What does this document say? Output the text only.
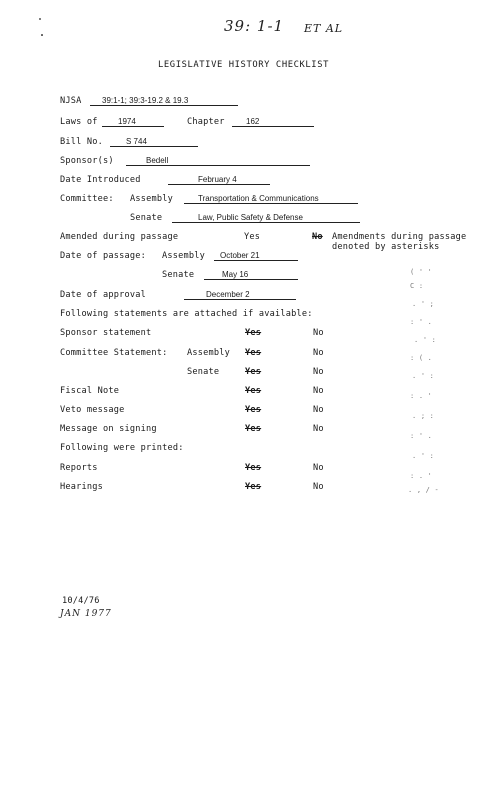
39: 1-1 ET AL
LEGISLATIVE HISTORY CHECKLIST
NJSA	39:1-1; 39:3-19.2 & 19.3
Laws of	1974	Chapter	162
Bill No.	S 744
Sponsor(s)	Bedell
Date Introduced	February 4
Committee: Assembly	Transportation & Communications
Senate	Law, Public Safety & Defense
Amended during passage	Yes	No Amendments during passage
denoted by asterisks
Date of passage: Assembly October 21
Senate	May 16
Date of approval	December 2
Following statements are attached if available:
Sponsor statement	Yes	No
Committee Statement: Assembly Yes	No
Senate	Yes	No
Fiscal Note	Yes	No
Veto message	Yes	No
Message on signing	Yes	No
Following were printed:
Reports	Yes	No
Hearings	Yes	No
( ' '
C :
. ' ;
: ' .
. ' :
: ( .
. ' :
: . '
. ; :
: ' .
. ' :
: . '
. , / -
10/4/76
JAN 1977
